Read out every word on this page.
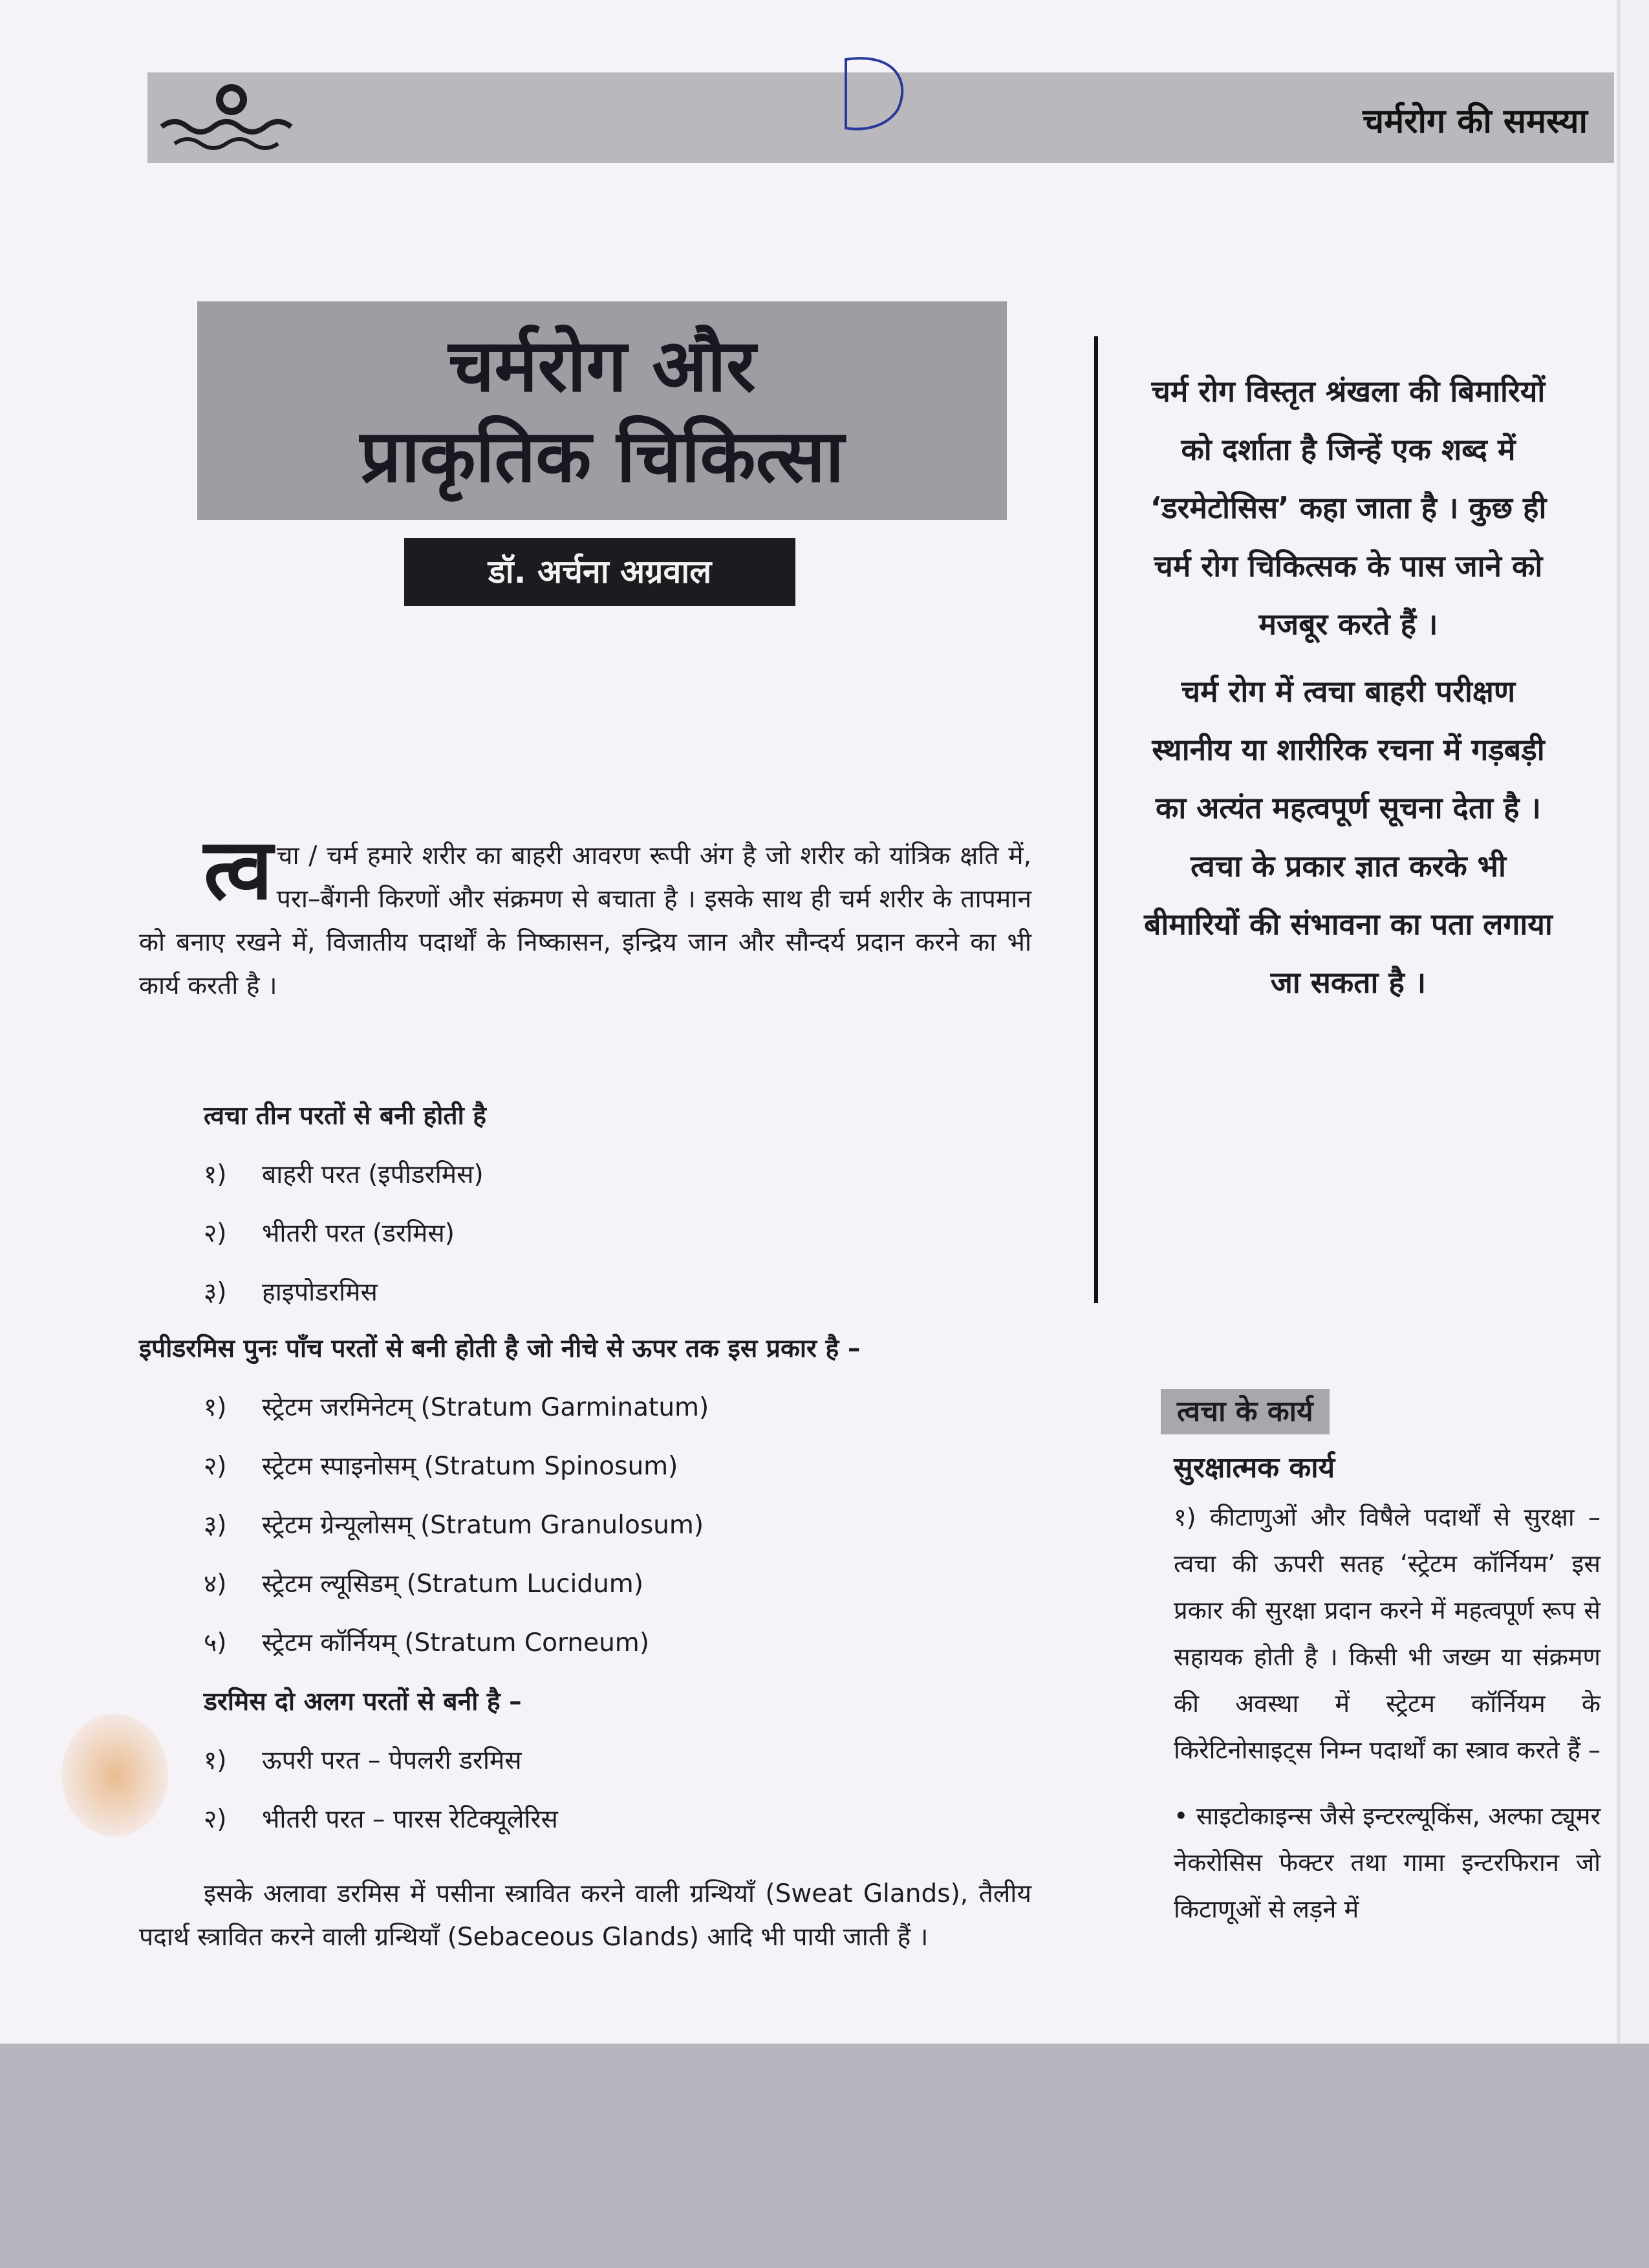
चर्मरोग की समस्या
चर्मरोग और
प्राकृतिक चिकित्सा
डॉ. अर्चना अग्रवाल

चर्म रोग विस्तृत श्रंखला की बिमारियों को दर्शाता है जिन्हें एक शब्द में ‘डरमेटोसिस’ कहा जाता है । कुछ ही चर्म रोग चिकित्सक के पास जाने को मजबूर करते हैं ।

चर्म रोग में त्वचा बाहरी परीक्षण स्थानीय या शारीरिक रचना में गड़बड़ी का अत्यंत महत्वपूर्ण सूचना देता है । त्वचा के प्रकार ज्ञात करके भी बीमारियों की संभावना का पता लगाया जा सकता है ।

त्व चा / चर्म हमारे शरीर का बाहरी आवरण रूपी अंग है जो शरीर को यांत्रिक क्षति में, परा–बैंगनी किरणों और संक्रमण से बचाता है । इसके साथ ही चर्म शरीर के तापमान को बनाए रखने में, विजातीय पदार्थों के निष्कासन, इन्द्रिय जान और सौन्दर्य प्रदान करने का भी कार्य करती है ।
त्वचा तीन परतों से बनी होती है
१) बाहरी परत (इपीडरमिस)
२) भीतरी परत (डरमिस)
३) हाइपोडरमिस
इपीडरमिस पुनः पाँच परतों से बनी होती है जो नीचे से ऊपर तक इस प्रकार है –
१) स्ट्रेटम जरमिनेटम् (Stratum Garminatum)
२) स्ट्रेटम स्पाइनोसम् (Stratum Spinosum)
३) स्ट्रेटम ग्रेन्यूलोसम् (Stratum Granulosum)
४) स्ट्रेटम ल्यूसिडम् (Stratum Lucidum)
५) स्ट्रेटम कॉर्नियम् (Stratum Corneum)
डरमिस दो अलग परतों से बनी है –
१) ऊपरी परत – पेपलरी डरमिस
२) भीतरी परत – पारस रेटिक्यूलेरिस
इसके अलावा डरमिस में पसीना स्त्रावित करने वाली ग्रन्थियाँ (Sweat Glands), तैलीय पदार्थ स्त्रावित करने वाली ग्रन्थियाँ (Sebaceous Glands) आदि भी पायी जाती हैं ।
त्वचा के कार्य
सुरक्षात्मक कार्य
१) कीटाणुओं और विषैले पदार्थों से सुरक्षा – त्वचा की ऊपरी सतह ‘स्ट्रेटम कॉर्नियम’ इस प्रकार की सुरक्षा प्रदान करने में महत्वपूर्ण रूप से सहायक होती है । किसी भी जख्म या संक्रमण की अवस्था में स्ट्रेटम कॉर्नियम के किरेटिनोसाइट्स निम्न पदार्थों का स्त्राव करते हैं –
• साइटोकाइन्स जैसे इन्टरल्यूकिंस, अल्फा ट्यूमर नेकरोसिस फेक्टर तथा गामा इन्टरफिरान जो किटाणूओं से लड़ने में
